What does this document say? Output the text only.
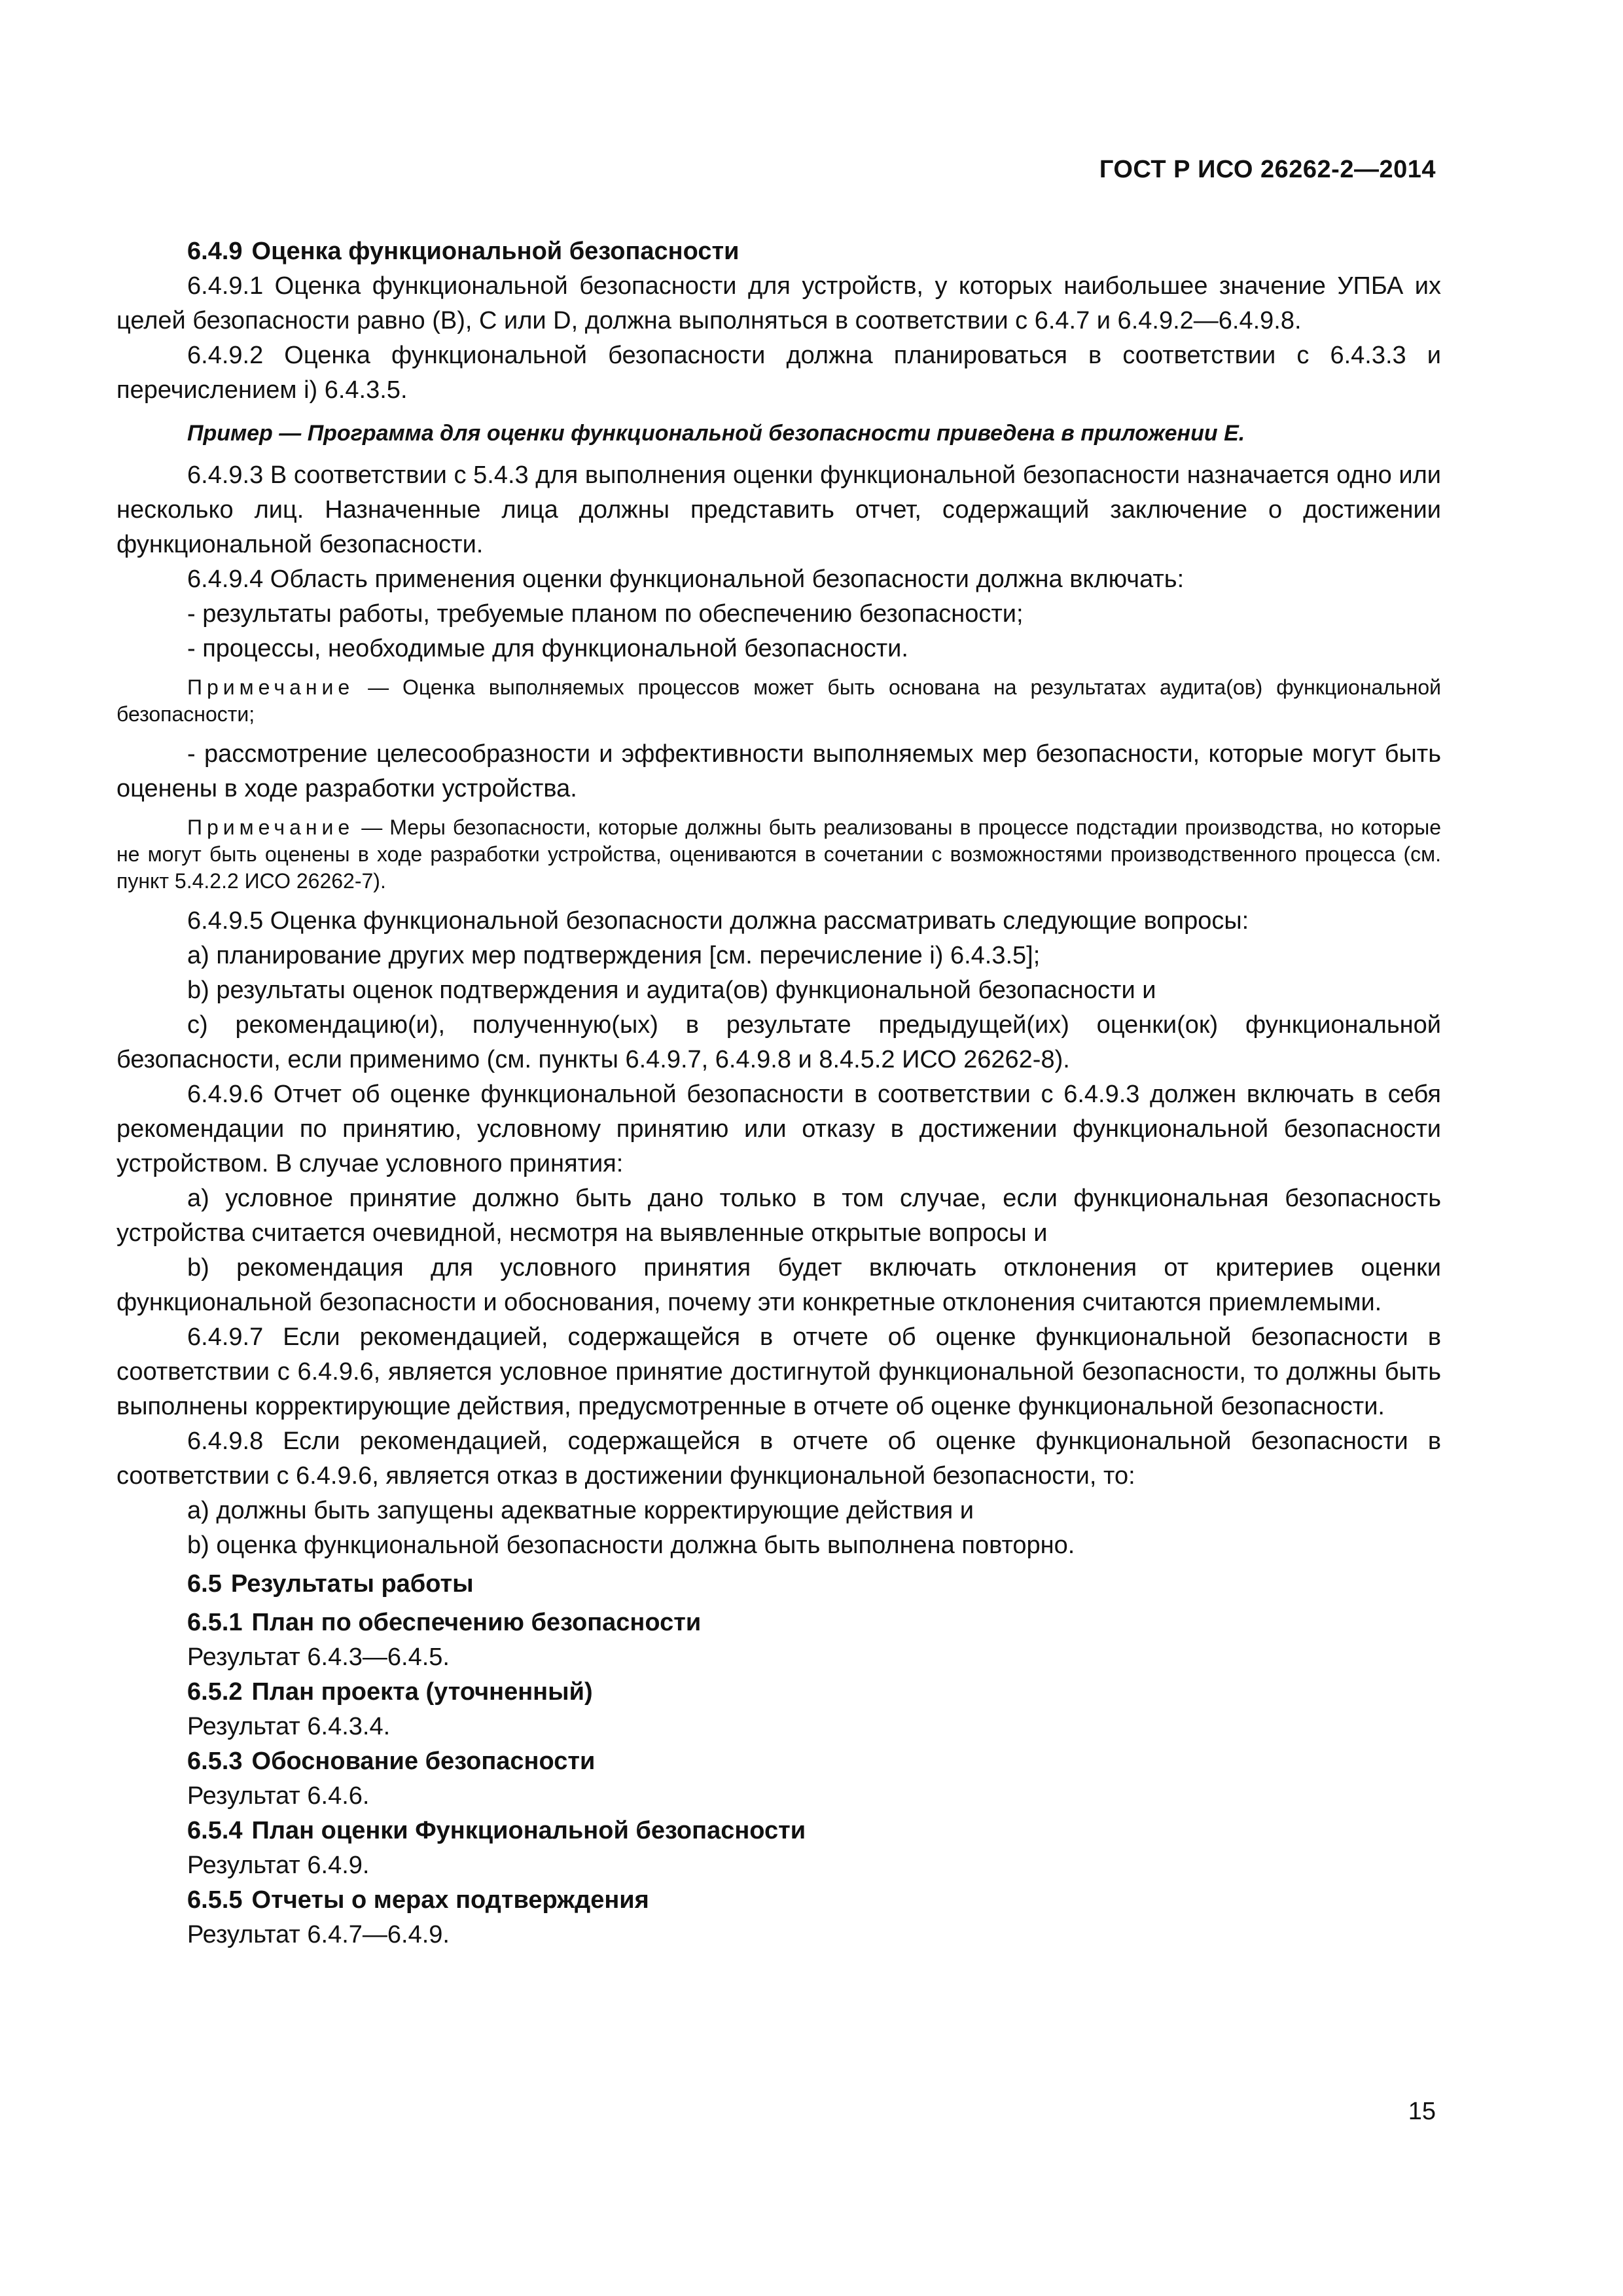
ГОСТ Р ИСО 26262-2—2014

6.4.9 Оценка функциональной безопасности

6.4.9.1 Оценка функциональной безопасности для устройств, у которых наибольшее значение УПБА их целей безопасности равно (B), C или D, должна выполняться в соответствии с 6.4.7 и 6.4.9.2—6.4.9.8.

6.4.9.2 Оценка функциональной безопасности должна планироваться в соответствии с 6.4.3.3 и перечислением i) 6.4.3.5.

Пример — Программа для оценки функциональной безопасности приведена в приложении Е.

6.4.9.3 В соответствии с 5.4.3 для выполнения оценки функциональной безопасности назначается одно или несколько лиц. Назначенные лица должны представить отчет, содержащий заключение о достижении функциональной безопасности.

6.4.9.4 Область применения оценки функциональной безопасности должна включать:

- результаты работы, требуемые планом по обеспечению безопасности;

- процессы, необходимые для функциональной безопасности.

Примечание — Оценка выполняемых процессов может быть основана на результатах аудита(ов) функциональной безопасности;

- рассмотрение целесообразности и эффективности выполняемых мер безопасности, которые могут быть оценены в ходе разработки устройства.

Примечание — Меры безопасности, которые должны быть реализованы в процессе подстадии производства, но которые не могут быть оценены в ходе разработки устройства, оцениваются в сочетании с возможностями производственного процесса (см. пункт 5.4.2.2 ИСО 26262-7).

6.4.9.5 Оценка функциональной безопасности должна рассматривать следующие вопросы:

a) планирование других мер подтверждения [см. перечисление i) 6.4.3.5];

b) результаты оценок подтверждения и аудита(ов) функциональной безопасности и

c) рекомендацию(и), полученную(ых) в результате предыдущей(их) оценки(ок) функциональной безопасности, если применимо (см. пункты 6.4.9.7, 6.4.9.8 и 8.4.5.2 ИСО 26262-8).

6.4.9.6 Отчет об оценке функциональной безопасности в соответствии с 6.4.9.3 должен включать в себя рекомендации по принятию, условному принятию или отказу в достижении функциональной безопасности устройством. В случае условного принятия:

a) условное принятие должно быть дано только в том случае, если функциональная безопасность устройства считается очевидной, несмотря на выявленные открытые вопросы и

b) рекомендация для условного принятия будет включать отклонения от критериев оценки функциональной безопасности и обоснования, почему эти конкретные отклонения считаются приемлемыми.

6.4.9.7 Если рекомендацией, содержащейся в отчете об оценке функциональной безопасности в соответствии с 6.4.9.6, является условное принятие достигнутой функциональной безопасности, то должны быть выполнены корректирующие действия, предусмотренные в отчете об оценке функциональной безопасности.

6.4.9.8 Если рекомендацией, содержащейся в отчете об оценке функциональной безопасности в соответствии с 6.4.9.6, является отказ в достижении функциональной безопасности, то:

a) должны быть запущены адекватные корректирующие действия и

b) оценка функциональной безопасности должна быть выполнена повторно.

6.5 Результаты работы

6.5.1 План по обеспечению безопасности

Результат 6.4.3—6.4.5.

6.5.2 План проекта (уточненный)

Результат 6.4.3.4.

6.5.3 Обоснование безопасности

Результат 6.4.6.

6.5.4 План оценки Функциональной безопасности

Результат 6.4.9.

6.5.5 Отчеты о мерах подтверждения

Результат 6.4.7—6.4.9.

15
